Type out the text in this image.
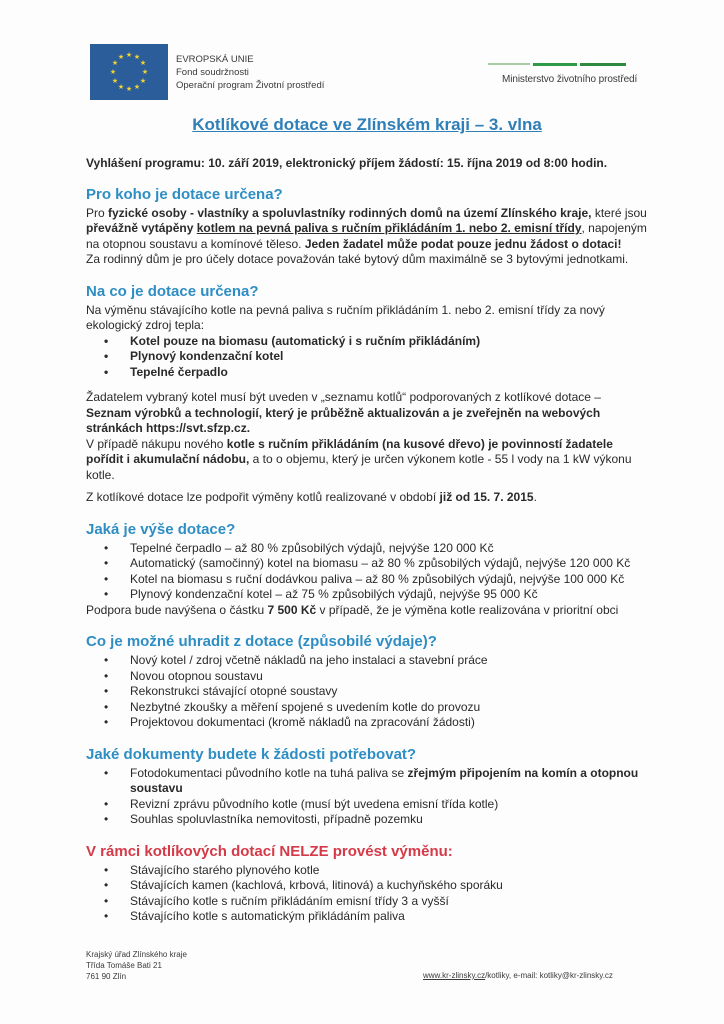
★ ★
★
★
★
★
★
★
★
★
★
★	EVROPSKÁ UNIE
Fond soudržnosti
Operační program Životní prostředí
Ministerstvo životního prostředí
Kotlíkové dotace ve Zlínském kraji – 3. vlna
Vyhlášení programu: 10. září 2019, elektronický příjem žádostí: 15. října 2019 od 8:00 hodin.
Pro koho je dotace určena?

Pro fyzické osoby - vlastníky a spoluvlastníky rodinných domů na území Zlínského kraje, které jsou převážně vytápěny kotlem na pevná paliva s ručním přikládáním 1. nebo 2. emisní třídy, napojeným na otopnou soustavu a komínové těleso. Jeden žadatel může podat pouze jednu žádost o dotaci!

Za rodinný dům je pro účely dotace považován také bytový dům maximálně se 3 bytovými jednotkami.

Na co je dotace určena?

Na výměnu stávajícího kotle na pevná paliva s ručním přikládáním 1. nebo 2. emisní třídy za nový ekologický zdroj tepla:

• Kotel pouze na biomasu (automatický i s ručním přikládáním)
• Plynový kondenzační kotel
• Tepelné čerpadlo

Žadatelem vybraný kotel musí být uveden v „seznamu kotlů“ podporovaných z kotlíkové dotace – Seznam výrobků a technologií, který je průběžně aktualizován a je zveřejněn na webových stránkách https://svt.sfzp.cz.

V případě nákupu nového kotle s ručním přikládáním (na kusové dřevo) je povinností žadatele pořídit i akumulační nádobu, a to o objemu, který je určen výkonem kotle - 55 l vody na 1 kW výkonu kotle.

Z kotlíkové dotace lze podpořit výměny kotlů realizované v období již od 15. 7. 2015.

Jaká je výše dotace?
• Tepelné čerpadlo – až 80 % způsobilých výdajů, nejvýše 120 000 Kč
• Automatický (samočinný) kotel na biomasu – až 80 % způsobilých výdajů, nejvýše 120 000 Kč
• Kotel na biomasu s ruční dodávkou paliva – až 80 % způsobilých výdajů, nejvýše 100 000 Kč
• Plynový kondenzační kotel – až 75 % způsobilých výdajů, nejvýše 95 000 Kč

Podpora bude navýšena o částku 7 500 Kč v případě, že je výměna kotle realizována v prioritní obci

Co je možné uhradit z dotace (způsobilé výdaje)?
• Nový kotel / zdroj včetně nákladů na jeho instalaci a stavební práce
• Novou otopnou soustavu
• Rekonstrukci stávající otopné soustavy
• Nezbytné zkoušky a měření spojené s uvedením kotle do provozu
• Projektovou dokumentaci (kromě nákladů na zpracování žádosti)
Jaké dokumenty budete k žádosti potřebovat?
• Fotodokumentaci původního kotle na tuhá paliva se zřejmým připojením na komín a otopnou soustavu
• Revizní zprávu původního kotle (musí být uvedena emisní třída kotle)
• Souhlas spoluvlastníka nemovitosti, případně pozemku
V rámci kotlíkových dotací NELZE provést výměnu:
• Stávajícího starého plynového kotle
• Stávajících kamen (kachlová, krbová, litinová) a kuchyňského sporáku
• Stávajícího kotle s ručním přikládáním emisní třídy 3 a vyšší
• Stávajícího kotle s automatickým přikládáním paliva
Krajský úřad Zlínského kraje
Třída Tomáše Bati 21
761 90 Zlín	www.kr-zlinsky.cz/kotliky, e-mail: kotliky@kr-zlinsky.cz
